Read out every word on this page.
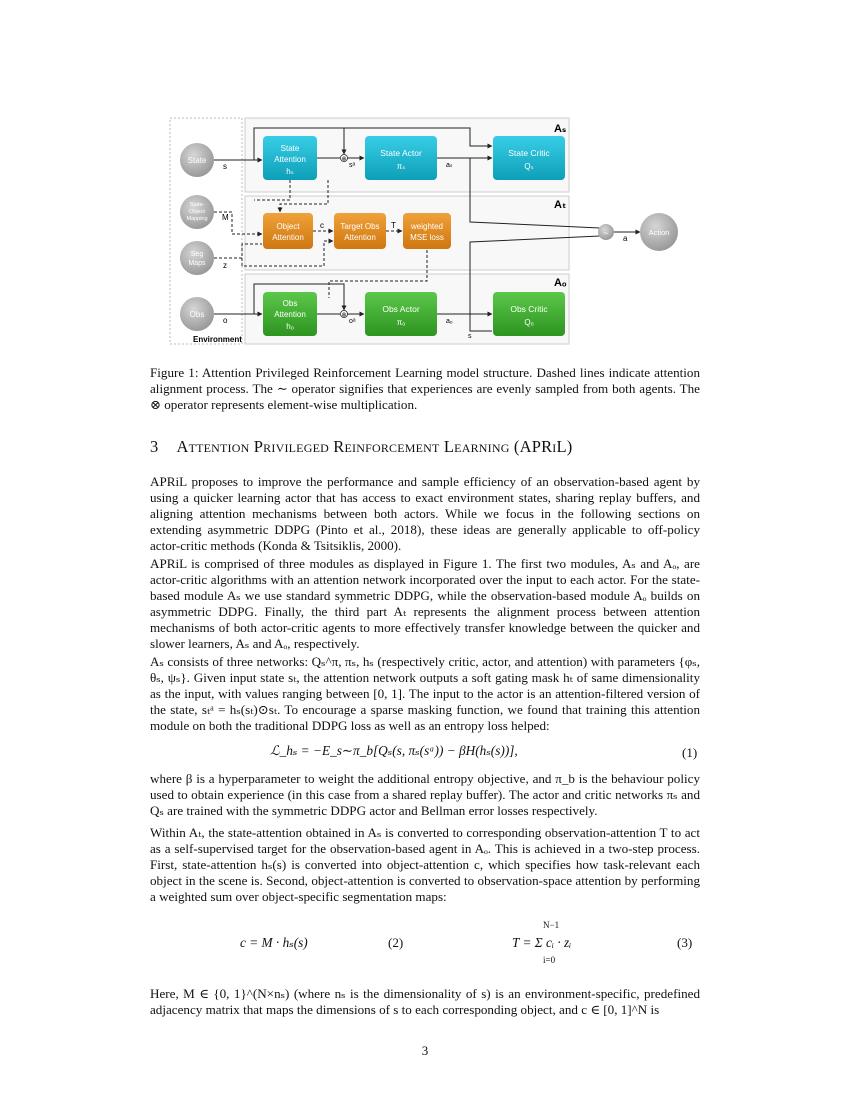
Aₛ
Aₜ
Aₒ
State
State-
Object
Mapping
Seg
Maps
Obs
Environment
State
Attention
hₛ
State Actor
πₛ
State Critic
Qₛ
s
⊗
sᵃ	aₛ
Object
Attention
Target Obs
Attention
weighted
MSE loss
M
c
z
T
Obs
Attention
hₒ
Obs Actor
πₒ
Obs Critic
Qₒ
o
⊗
oᵃ	aₒ
s
~
a
Action
Figure 1: Attention Privileged Reinforcement Learning model structure. Dashed lines indicate attention alignment process. The ∼ operator signifies that experiences are evenly sampled from both agents. The ⊗ operator represents element-wise multiplication.
3 Attention Privileged Reinforcement Learning (APRiL)

APRiL proposes to improve the performance and sample efficiency of an observation-based agent by using a quicker learning actor that has access to exact environment states, sharing replay buffers, and aligning attention mechanisms between both actors. While we focus in the following sections on extending asymmetric DDPG (Pinto et al., 2018), these ideas are generally applicable to off-policy actor-critic methods (Konda & Tsitsiklis, 2000).

APRiL is comprised of three modules as displayed in Figure 1. The first two modules, Aₛ and Aₒ, are actor-critic algorithms with an attention network incorporated over the input to each actor. For the state-based module Aₛ we use standard symmetric DDPG, while the observation-based module Aₒ builds on asymmetric DDPG. Finally, the third part Aₜ represents the alignment process between attention mechanisms of both actor-critic agents to more effectively transfer knowledge between the quicker and slower learners, Aₛ and Aₒ, respectively.

Aₛ consists of three networks: Qₛ^π, πₛ, hₛ (respectively critic, actor, and attention) with parameters {φₛ, θₛ, ψₛ}. Given input state sₜ, the attention network outputs a soft gating mask hₜ of same dimensionality as the input, with values ranging between [0, 1]. The input to the actor is an attention-filtered version of the state, sₜᵃ = hₛ(sₜ)⊙sₜ. To encourage a sparse masking function, we found that training this attention module on both the traditional DDPG loss as well as an entropy loss helped:

ℒ_hₛ = −E_s∼π_b[Qₛ(s, πₛ(sᵃ)) − βH(hₛ(s))],	(1)

where β is a hyperparameter to weight the additional entropy objective, and π_b is the behaviour policy used to obtain experience (in this case from a shared replay buffer). The actor and critic networks πₛ and Qₛ are trained with the symmetric DDPG actor and Bellman error losses respectively.

Within Aₜ, the state-attention obtained in Aₛ is converted to corresponding observation-attention T to act as a self-supervised target for the observation-based agent in Aₒ. This is achieved in a two-step process. First, state-attention hₛ(s) is converted into object-attention c, which specifies how task-relevant each object in the scene is. Second, object-attention is converted to observation-space attention by performing a weighted sum over object-specific segmentation maps:

c = M · hₛ(s)	(2)
N−1
T = Σ cᵢ · zᵢ
i=0
(3)

Here, M ∈ {0, 1}^(N×nₛ) (where nₛ is the dimensionality of s) is an environment-specific, predefined adjacency matrix that maps the dimensions of s to each corresponding object, and c ∈ [0, 1]^N is

3
